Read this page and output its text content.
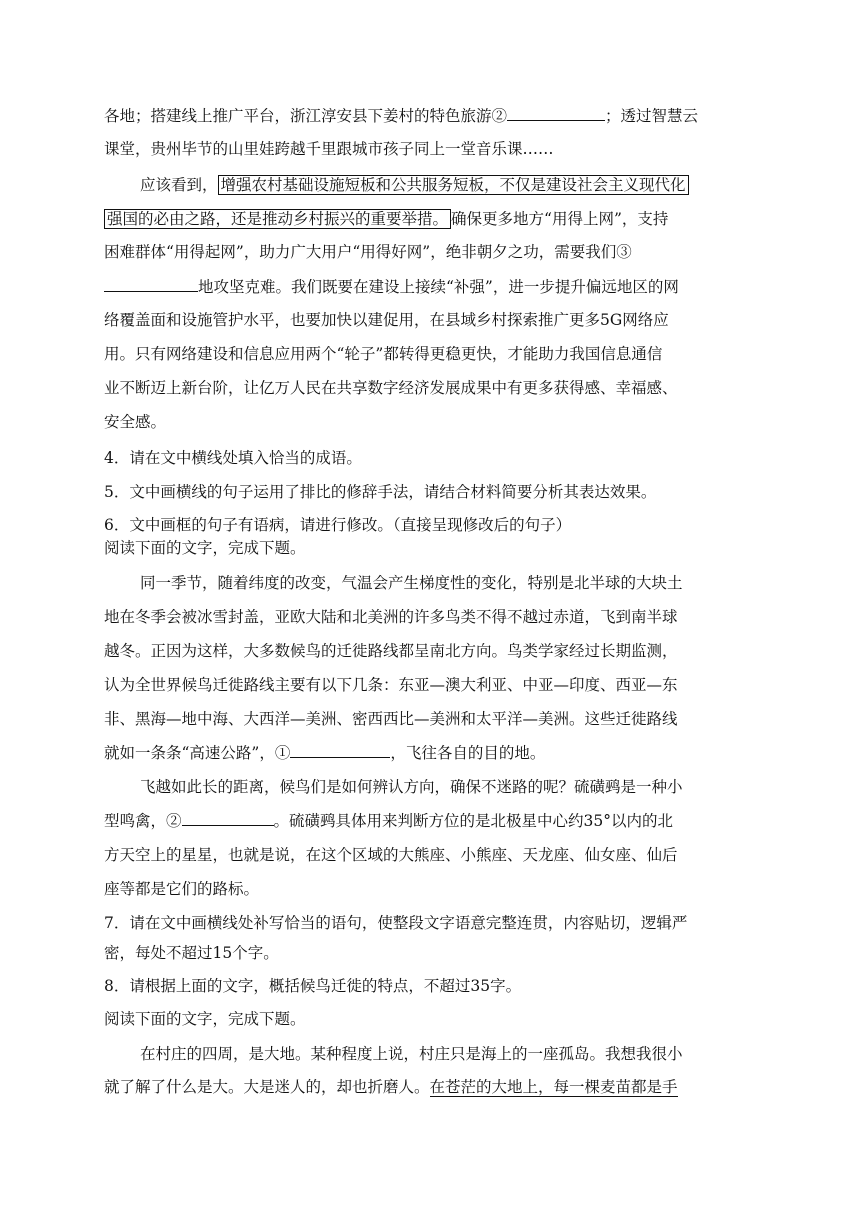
各地；搭建线上推广平台，浙江淳安县下姜村的特色旅游②	；透过智慧云
课堂，贵州毕节的山里娃跨越千里跟城市孩子同上一堂音乐课……
应该看到， 增强农村基础设施短板和公共服务短板，不仅是建设社会主义现代化
强国的必由之路，还是推动乡村振兴的重要举措。 确保更多地方“用得上网”，支持
困难群体“用得起网”，助力广大用户“用得好网”，绝非朝夕之功，需要我们③
地攻坚克难。我们既要在建设上接续“补强”，进一步提升偏远地区的网
络覆盖面和设施管护水平，也要加快以建促用，在县域乡村探索推广更多5G网络应
用。只有网络建设和信息应用两个“轮子”都转得更稳更快，才能助力我国信息通信
业不断迈上新台阶，让亿万人民在共享数字经济发展成果中有更多获得感、幸福感、
安全感。
4．请在文中横线处填入恰当的成语。
5．文中画横线的句子运用了排比的修辞手法，请结合材料简要分析其表达效果。
6．文中画框的句子有语病，请进行修改。（直接呈现修改后的句子）
阅读下面的文字，完成下题。
同一季节，随着纬度的改变，气温会产生梯度性的变化，特别是北半球的大块土
地在冬季会被冰雪封盖，亚欧大陆和北美洲的许多鸟类不得不越过赤道，飞到南半球
越冬。正因为这样，大多数候鸟的迁徙路线都呈南北方向。鸟类学家经过长期监测，
认为全世界候鸟迁徙路线主要有以下几条：东亚—澳大利亚、中亚—印度、西亚—东
非、黑海—地中海、大西洋—美洲、密西西比—美洲和太平洋—美洲。这些迁徙路线
就如一条条“高速公路”，①	，飞往各自的目的地。
飞越如此长的距离，候鸟们是如何辨认方向，确保不迷路的呢？硫磺鹀是一种小
型鸣禽，②	。硫磺鹀具体用来判断方位的是北极星中心约35°以内的北
方天空上的星星，也就是说，在这个区域的大熊座、小熊座、天龙座、仙女座、仙后
座等都是它们的路标。
7．请在文中画横线处补写恰当的语句，使整段文字语意完整连贯，内容贴切，逻辑严
密，每处不超过15个字。
8．请根据上面的文字，概括候鸟迁徙的特点，不超过35字。
阅读下面的文字，完成下题。
在村庄的四周，是大地。某种程度上说，村庄只是海上的一座孤岛。我想我很小
就了解了什么是大。大是迷人的，却也折磨人。在苍茫的大地上，每一棵麦苗都是手
